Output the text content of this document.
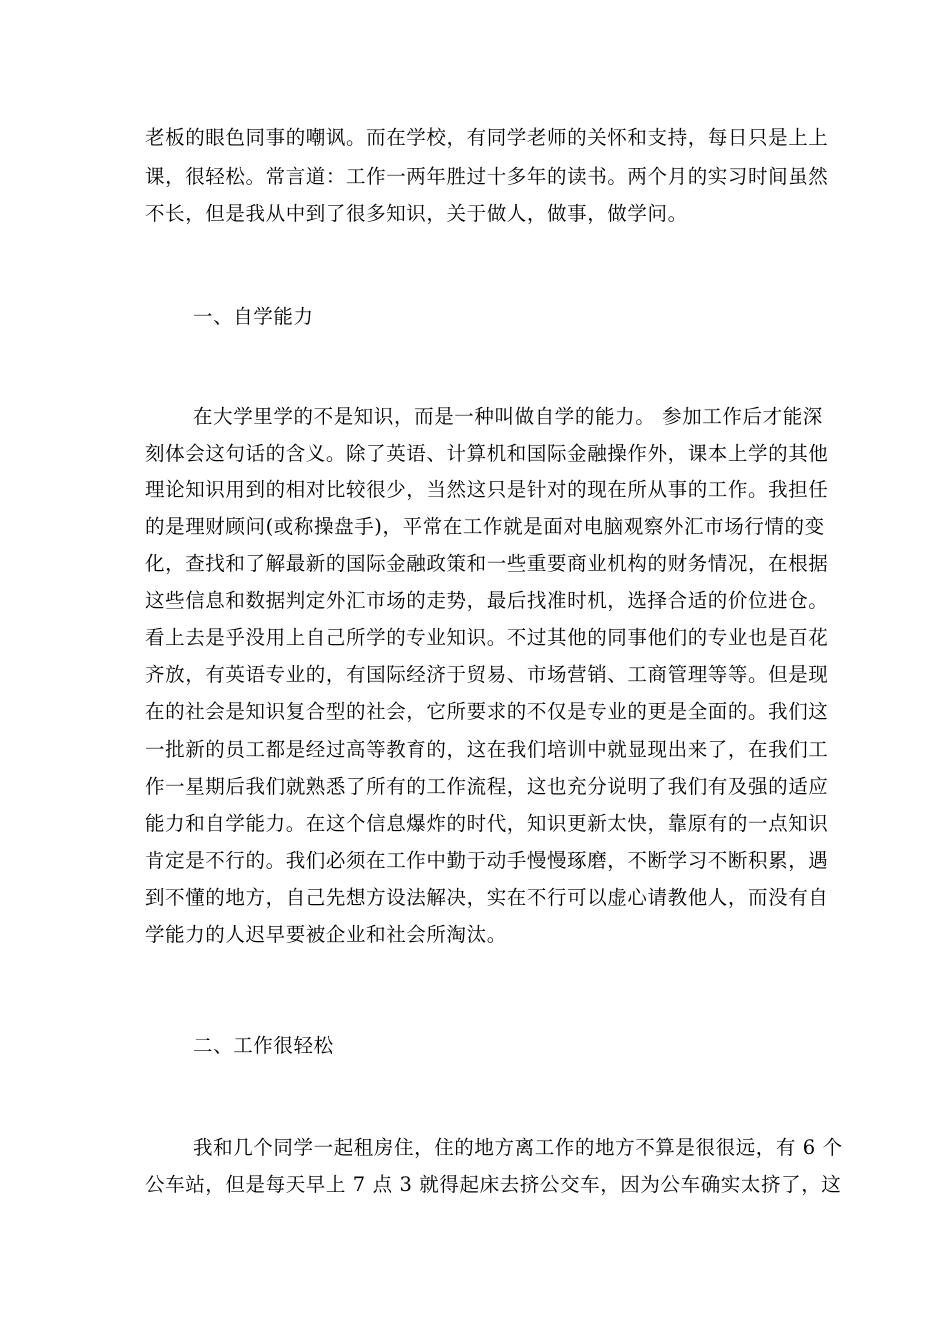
老板的眼色同事的嘲讽。而在学校，有同学老师的关怀和支持，每日只是上上
课，很轻松。常言道：工作一两年胜过十多年的读书。两个月的实习时间虽然
不长，但是我从中到了很多知识，关于做人，做事，做学问。
一、自学能力
在大学里学的不是知识，而是一种叫做自学的能力。 参加工作后才能深
刻体会这句话的含义。除了英语、计算机和国际金融操作外，课本上学的其他
理论知识用到的相对比较很少，当然这只是针对的现在所从事的工作。我担任
的是理财顾问(或称操盘手)，平常在工作就是面对电脑观察外汇市场行情的变
化，查找和了解最新的国际金融政策和一些重要商业机构的财务情况，在根据
这些信息和数据判定外汇市场的走势，最后找准时机，选择合适的价位进仓。
看上去是乎没用上自己所学的专业知识。不过其他的同事他们的专业也是百花
齐放，有英语专业的，有国际经济于贸易、市场营销、工商管理等等。但是现
在的社会是知识复合型的社会，它所要求的不仅是专业的更是全面的。我们这
一批新的员工都是经过高等教育的，这在我们培训中就显现出来了，在我们工
作一星期后我们就熟悉了所有的工作流程，这也充分说明了我们有及强的适应
能力和自学能力。在这个信息爆炸的时代，知识更新太快，靠原有的一点知识
肯定是不行的。我们必须在工作中勤于动手慢慢琢磨，不断学习不断积累，遇
到不懂的地方，自己先想方设法解决，实在不行可以虚心请教他人，而没有自
学能力的人迟早要被企业和社会所淘汰。
二、工作很轻松
我和几个同学一起租房住，住的地方离工作的地方不算是很很远，有 6 个
公车站，但是每天早上 7 点 3 就得起床去挤公交车，因为公车确实太挤了，这
